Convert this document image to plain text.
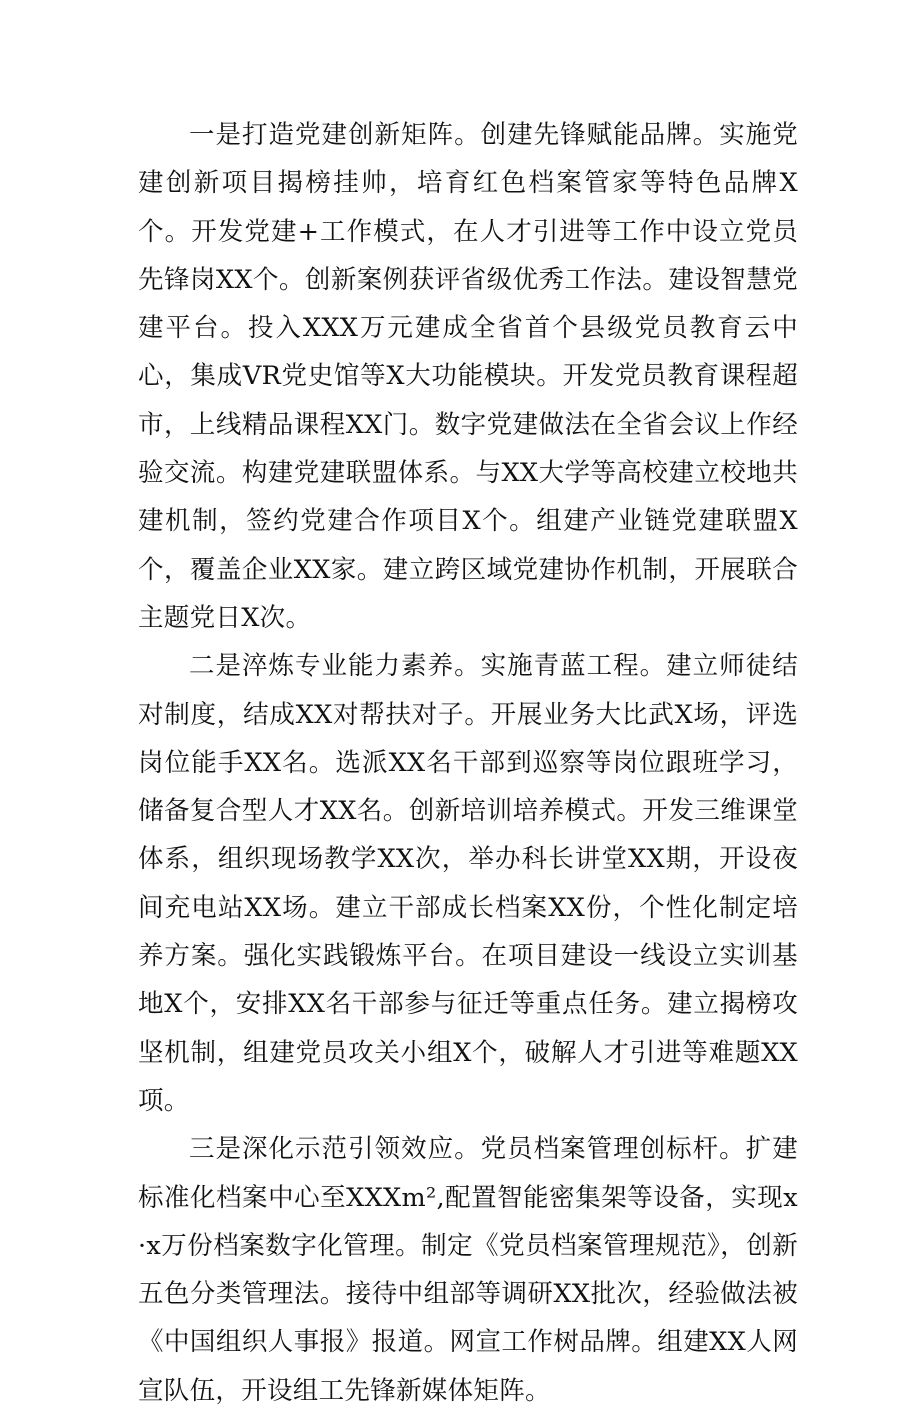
一是打造党建创新矩阵。创建先锋赋能品牌。实施党建创新项目揭榜挂帅，培育红色档案管家等特色品牌X个。开发党建+工作模式，在人才引进等工作中设立党员先锋岗XX个。创新案例获评省级优秀工作法。建设智慧党建平台。投入XXX万元建成全省首个县级党员教育云中心，集成VR党史馆等X大功能模块。开发党员教育课程超市，上线精品课程XX门。数字党建做法在全省会议上作经验交流。构建党建联盟体系。与XX大学等高校建立校地共建机制，签约党建合作项目X个。组建产业链党建联盟X个，覆盖企业XX家。建立跨区域党建协作机制，开展联合主题党日X次。

二是淬炼专业能力素养。实施青蓝工程。建立师徒结对制度，结成XX对帮扶对子。开展业务大比武X场，评选岗位能手XX名。选派XX名干部到巡察等岗位跟班学习，储备复合型人才XX名。创新培训培养模式。开发三维课堂体系，组织现场教学XX次，举办科长讲堂XX期，开设夜间充电站XX场。建立干部成长档案XX份，个性化制定培养方案。强化实践锻炼平台。在项目建设一线设立实训基地X个，安排XX名干部参与征迁等重点任务。建立揭榜攻坚机制，组建党员攻关小组X个，破解人才引进等难题XX项。

三是深化示范引领效应。党员档案管理创标杆。扩建标准化档案中心至XXXm²,配置智能密集架等设备，实现x·x万份档案数字化管理。制定《党员档案管理规范》，创新五色分类管理法。接待中组部等调研XX批次，经验做法被《中国组织人事报》报道。网宣工作树品牌。组建XX人网宣队伍，开设组工先锋新媒体矩阵。
